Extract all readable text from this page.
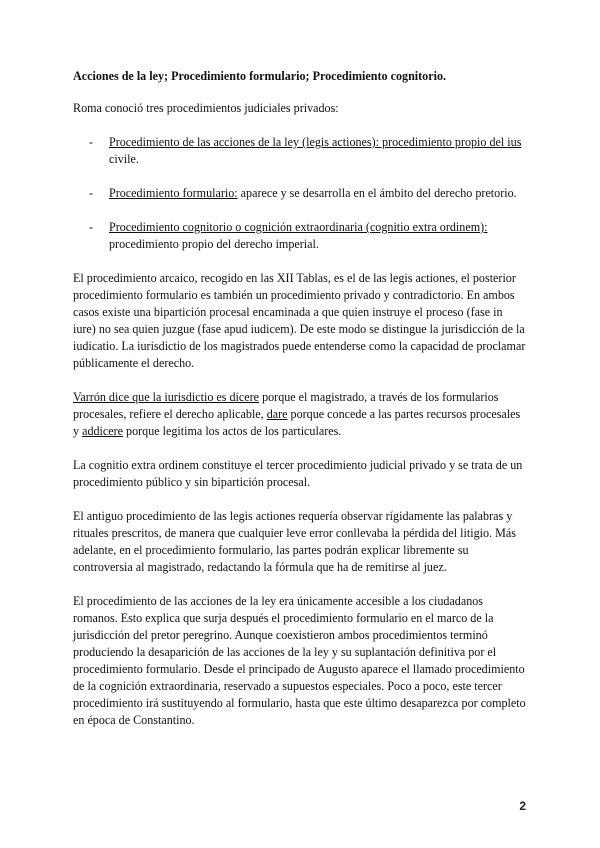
Acciones de la ley; Procedimiento formulario; Procedimiento cognitorio.

Roma conoció tres procedimientos judiciales privados:

- Procedimiento de las acciones de la ley (legis actiones): procedimiento propio del ius civile.
- Procedimiento formulario: aparece y se desarrolla en el ámbito del derecho pretorio.
- Procedimiento cognitorio o cognición extraordinaria (cognitio extra ordinem): procedimiento propio del derecho imperial.

El procedimiento arcaico, recogido en las XII Tablas, es el de las legis actiones, el posterior procedimiento formulario es también un procedimiento privado y contradictorio. En ambos casos existe una bipartición procesal encaminada a que quien instruye el proceso (fase in iure) no sea quien juzgue (fase apud iudicem). De este modo se distingue la jurisdicción de la iudicatio. La iurisdictio de los magistrados puede entenderse como la capacidad de proclamar públicamente el derecho.

Varrón dice que la iurisdictio es dicere porque el magistrado, a través de los formularios procesales, refiere el derecho aplicable, dare porque concede a las partes recursos procesales y addicere porque legitima los actos de los particulares.

La cognitio extra ordinem constituye el tercer procedimiento judicial privado y se trata de un procedimiento público y sin bipartición procesal.

El antiguo procedimiento de las legis actiones requería observar rígidamente las palabras y rituales prescritos, de manera que cualquier leve error conllevaba la pérdida del litigio. Más adelante, en el procedimiento formulario, las partes podrán explicar libremente su controversia al magistrado, redactando la fórmula que ha de remitirse al juez.

El procedimiento de las acciones de la ley era únicamente accesible a los ciudadanos romanos. Esto explica que surja después el procedimiento formulario en el marco de la jurisdicción del pretor peregrino. Aunque coexistieron ambos procedimientos terminó produciendo la desaparición de las acciones de la ley y su suplantación definitiva por el procedimiento formulario. Desde el principado de Augusto aparece el llamado procedimiento de la cognición extraordinaria, reservado a supuestos especiales. Poco a poco, este tercer procedimiento irá sustituyendo al formulario, hasta que este último desaparezca por completo en época de Constantino.

2
